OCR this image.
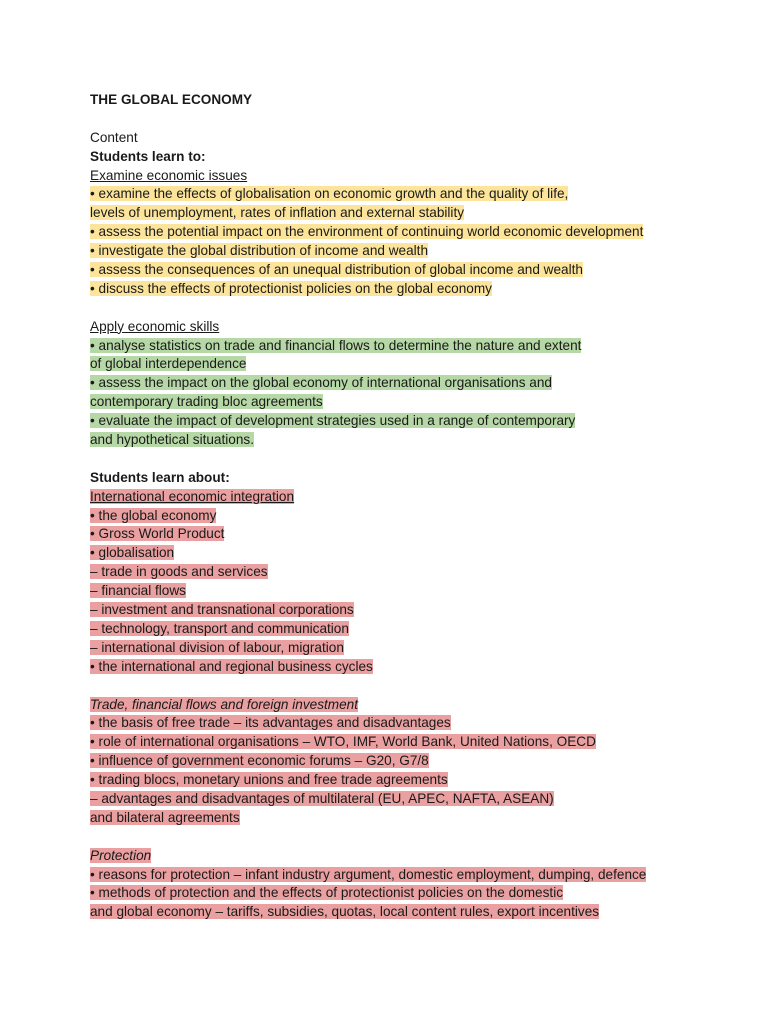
THE GLOBAL ECONOMY
Content
Students learn to:
Examine economic issues
• examine the effects of globalisation on economic growth and the quality of life,
levels of unemployment, rates of inflation and external stability
• assess the potential impact on the environment of continuing world economic development
• investigate the global distribution of income and wealth
• assess the consequences of an unequal distribution of global income and wealth
• discuss the effects of protectionist policies on the global economy
Apply economic skills
• analyse statistics on trade and financial flows to determine the nature and extent
of global interdependence
• assess the impact on the global economy of international organisations and
contemporary trading bloc agreements
• evaluate the impact of development strategies used in a range of contemporary
and hypothetical situations.
Students learn about:
International economic integration
• the global economy
• Gross World Product
• globalisation
– trade in goods and services
– financial flows
– investment and transnational corporations
– technology, transport and communication
– international division of labour, migration
• the international and regional business cycles
Trade, financial flows and foreign investment
• the basis of free trade – its advantages and disadvantages
• role of international organisations – WTO, IMF, World Bank, United Nations, OECD
• influence of government economic forums – G20, G7/8
• trading blocs, monetary unions and free trade agreements
– advantages and disadvantages of multilateral (EU, APEC, NAFTA, ASEAN)
and bilateral agreements
Protection
• reasons for protection – infant industry argument, domestic employment, dumping, defence
• methods of protection and the effects of protectionist policies on the domestic
and global economy – tariffs, subsidies, quotas, local content rules, export incentives
